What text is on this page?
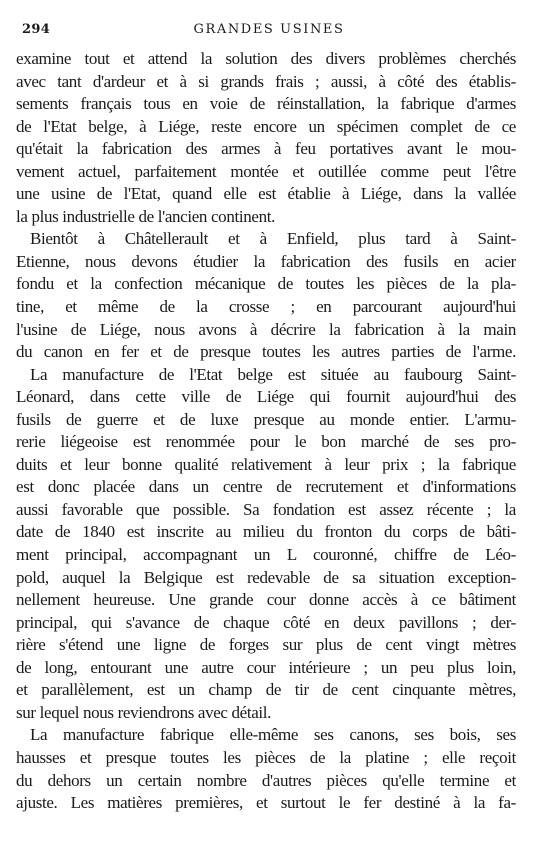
294	GRANDES USINES
examine tout et attend la solution des divers problèmes cherchés
avec tant d'ardeur et à si grands frais ; aussi, à côté des établis-
sements français tous en voie de réinstallation, la fabrique d'armes
de l'Etat belge, à Liége, reste encore un spécimen complet de ce
qu'était la fabrication des armes à feu portatives avant le mou-
vement actuel, parfaitement montée et outillée comme peut l'être
une usine de l'Etat, quand elle est établie à Liége, dans la vallée
la plus industrielle de l'ancien continent.
Bientôt à Châtellerault et à Enfield, plus tard à Saint-
Etienne, nous devons étudier la fabrication des fusils en acier
fondu et la confection mécanique de toutes les pièces de la pla-
tine, et même de la crosse ; en parcourant aujourd'hui
l'usine de Liége, nous avons à décrire la fabrication à la main
du canon en fer et de presque toutes les autres parties de l'arme.
La manufacture de l'Etat belge est située au faubourg Saint-
Léonard, dans cette ville de Liége qui fournit aujourd'hui des
fusils de guerre et de luxe presque au monde entier. L'armu-
rerie liégeoise est renommée pour le bon marché de ses pro-
duits et leur bonne qualité relativement à leur prix ; la fabrique
est donc placée dans un centre de recrutement et d'informations
aussi favorable que possible. Sa fondation est assez récente ; la
date de 1840 est inscrite au milieu du fronton du corps de bâti-
ment principal, accompagnant un L couronné, chiffre de Léo-
pold, auquel la Belgique est redevable de sa situation exception-
nellement heureuse. Une grande cour donne accès à ce bâtiment
principal, qui s'avance de chaque côté en deux pavillons ; der-
rière s'étend une ligne de forges sur plus de cent vingt mètres
de long, entourant une autre cour intérieure ; un peu plus loin,
et parallèlement, est un champ de tir de cent cinquante mètres,
sur lequel nous reviendrons avec détail.
La manufacture fabrique elle-même ses canons, ses bois, ses
hausses et presque toutes les pièces de la platine ; elle reçoit
du dehors un certain nombre d'autres pièces qu'elle termine et
ajuste. Les matières premières, et surtout le fer destiné à la fa-
